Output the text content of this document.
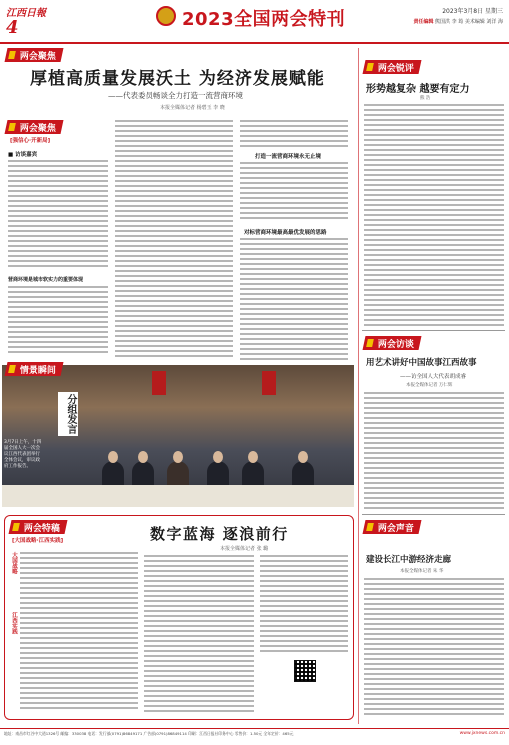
江西日報
4	2023全国两会特刊	2023年3月8日 星期三
责任编辑 熊国洪 李 筠 美术编辑 刘洋 海
两会聚焦
厚植高质量发展沃土 为经济发展赋能
——代表委员畅谈全力打造一流营商环境
本报全媒体记者 杨碧玉 李 晓
两会聚焦
[强信心·开新局]
■ 访谈嘉宾
营商环境是城市软实力的重要体现
打造一流营商环境永无止境
对标营商环境最高最优发展的思路
情景瞬间
分组发言
3月7日上午，十四届全国人大一次会议江西代表团举行全体会议，审议政府工作报告。
两会特稿
[大国战略·江西实践]	数字蓝海 逐浪前行
本报全媒体记者 张 璐
大国战略
江西实践
两会锐评
形势越复杂 越要有定力
熊 浩
两会访谈
用艺术讲好中国故事江西故事
——访全国人大代表胡成睿
本报全媒体记者 万仁辉
两会声音
建设长江中游经济走廊
本报全媒体记者 朱 华
地址：南昌市红谷中大道1326号 邮编：330038 电话：发行部(0791)86849171 广告部(0791)86849114 印刷：江西日报社印务中心 零售价：1.50元 全年定价：465元	www.jxnews.com.cn
